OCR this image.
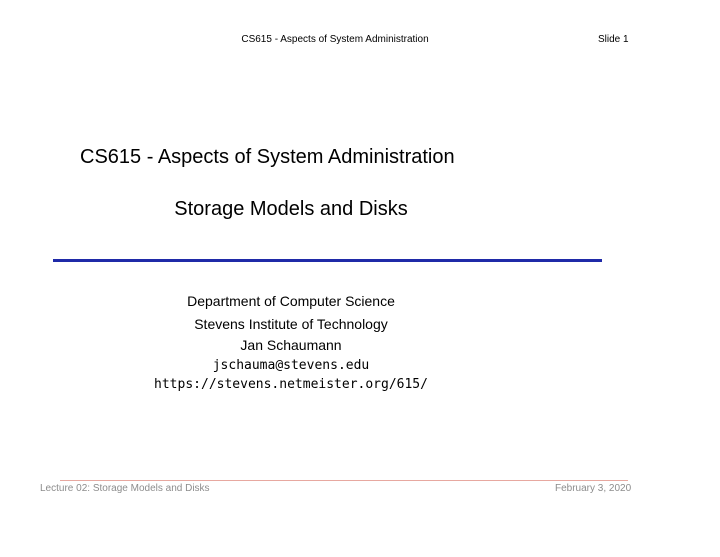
CS615 - Aspects of System Administration	Slide 1
CS615 - Aspects of System Administration
Storage Models and Disks
Department of Computer Science
Stevens Institute of Technology
Jan Schaumann
jschauma@stevens.edu
https://stevens.netmeister.org/615/
Lecture 02: Storage Models and Disks	February 3, 2020
